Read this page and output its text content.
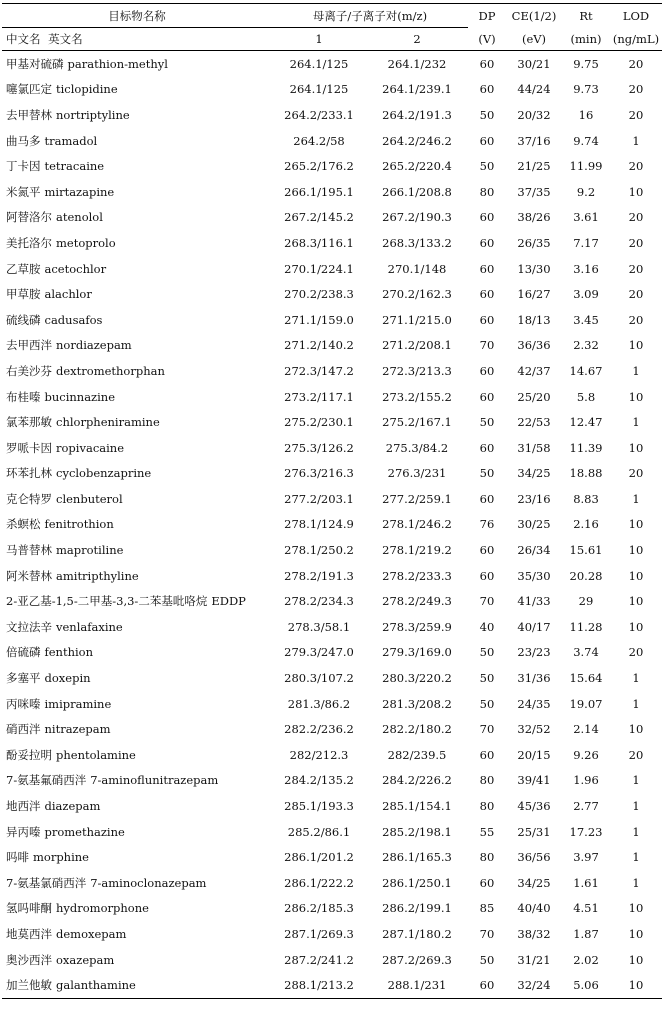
目标物名称	母离子/子离子对(m/z)		DP	CE(1/2)	Rt	LOD
中文名 英文名	1	2	(V)	(eV)	(min)	(ng/mL)

甲基对硫磷 parathion-methyl	264.1/125	264.1/232	60	30/21	9.75	20
噻氯匹定 ticlopidine	264.1/125	264.1/239.1	60	44/24	9.73	20
去甲替林 nortriptyline	264.2/233.1	264.2/191.3	50	20/32	16	20
曲马多 tramadol	264.2/58	264.2/246.2	60	37/16	9.74	1
丁卡因 tetracaine	265.2/176.2	265.2/220.4	50	21/25	11.99	20
米氮平 mirtazapine	266.1/195.1	266.1/208.8	80	37/35	9.2	10
阿替洛尔 atenolol	267.2/145.2	267.2/190.3	60	38/26	3.61	20
美托洛尔 metoprolo	268.3/116.1	268.3/133.2	60	26/35	7.17	20
乙草胺 acetochlor	270.1/224.1	270.1/148	60	13/30	3.16	20
甲草胺 alachlor	270.2/238.3	270.2/162.3	60	16/27	3.09	20
硫线磷 cadusafos	271.1/159.0	271.1/215.0	60	18/13	3.45	20
去甲西泮 nordiazepam	271.2/140.2	271.2/208.1	70	36/36	2.32	10
右美沙芬 dextromethorphan	272.3/147.2	272.3/213.3	60	42/37	14.67	1
布桂嗪 bucinnazine	273.2/117.1	273.2/155.2	60	25/20	5.8	10
氯苯那敏 chlorpheniramine	275.2/230.1	275.2/167.1	50	22/53	12.47	1
罗哌卡因 ropivacaine	275.3/126.2	275.3/84.2	60	31/58	11.39	10
环苯扎林 cyclobenzaprine	276.3/216.3	276.3/231	50	34/25	18.88	20
克仑特罗 clenbuterol	277.2/203.1	277.2/259.1	60	23/16	8.83	1
杀螟松 fenitrothion	278.1/124.9	278.1/246.2	76	30/25	2.16	10
马普替林 maprotiline	278.1/250.2	278.1/219.2	60	26/34	15.61	10
阿米替林 amitripthyline	278.2/191.3	278.2/233.3	60	35/30	20.28	10
2-亚乙基-1,5-二甲基-3,3-二苯基吡咯烷 EDDP	278.2/234.3	278.2/249.3	70	41/33	29	10
文拉法辛 venlafaxine	278.3/58.1	278.3/259.9	40	40/17	11.28	10
倍硫磷 fenthion	279.3/247.0	279.3/169.0	50	23/23	3.74	20
多塞平 doxepin	280.3/107.2	280.3/220.2	50	31/36	15.64	1
丙咪嗪 imipramine	281.3/86.2	281.3/208.2	50	24/35	19.07	1
硝西泮 nitrazepam	282.2/236.2	282.2/180.2	70	32/52	2.14	10
酚妥拉明 phentolamine	282/212.3	282/239.5	60	20/15	9.26	20
7-氨基氟硝西泮 7-aminoflunitrazepam	284.2/135.2	284.2/226.2	80	39/41	1.96	1
地西泮 diazepam	285.1/193.3	285.1/154.1	80	45/36	2.77	1
异丙嗪 promethazine	285.2/86.1	285.2/198.1	55	25/31	17.23	1
吗啡 morphine	286.1/201.2	286.1/165.3	80	36/56	3.97	1
7-氨基氯硝西泮 7-aminoclonazepam	286.1/222.2	286.1/250.1	60	34/25	1.61	1
氢吗啡酮 hydromorphone	286.2/185.3	286.2/199.1	85	40/40	4.51	10
地莫西泮 demoxepam	287.1/269.3	287.1/180.2	70	38/32	1.87	10
奥沙西泮 oxazepam	287.2/241.2	287.2/269.3	50	31/21	2.02	10
加兰他敏 galanthamine	288.1/213.2	288.1/231	60	32/24	5.06	10
